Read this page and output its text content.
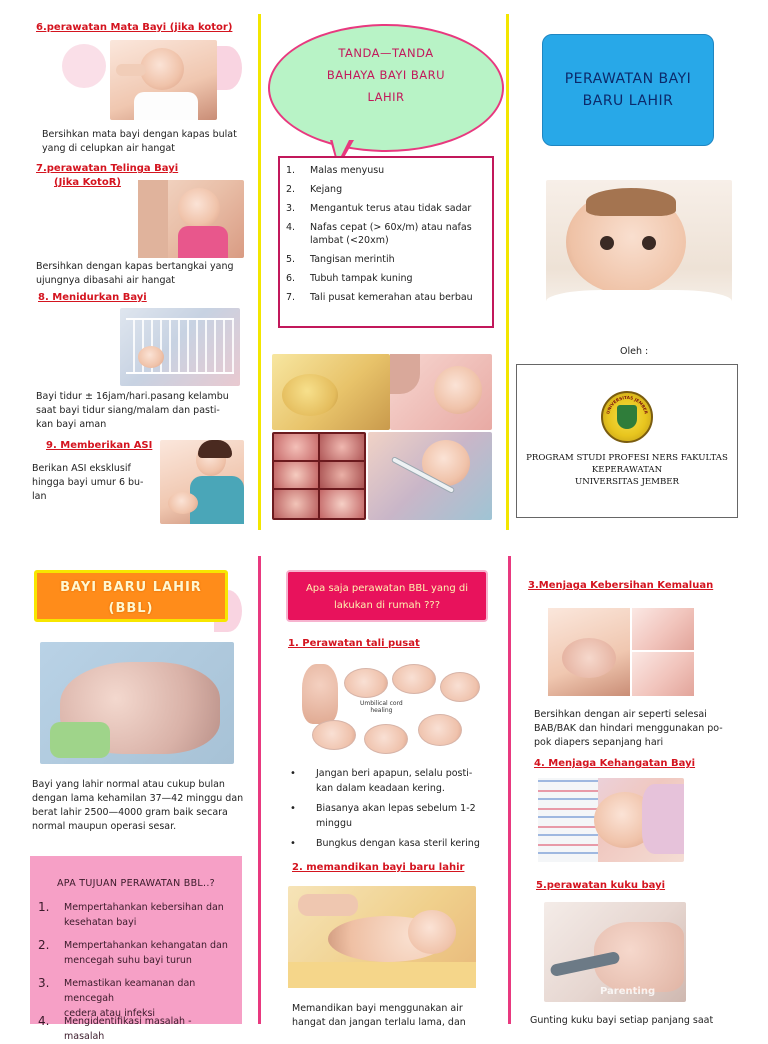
6.perawatan Mata Bayi (jika kotor)
Bersihkan mata bayi dengan kapas bulat
yang di celupkan air hangat
7.perawatan Telinga Bayi
(Jika KotoR)
Bersihkan dengan kapas bertangkai yang
ujungnya dibasahi air hangat
8. Menidurkan Bayi
Bayi tidur ± 16jam/hari.pasang kelambu
saat bayi tidur siang/malam dan pasti-
kan bayi aman
9. Memberikan ASI
Berikan ASI eksklusif
hingga bayi umur 6 bu-
lan
TANDA—TANDA
BAHAYA BAYI BARU
LAHIR
1.	Malas menyusu
2.	Kejang
3.	Mengantuk terus atau tidak sadar
4.	Nafas cepat (> 60x/m) atau nafas lambat (<20xm)
5.	Tangisan merintih
6.	Tubuh tampak kuning
7.	Tali pusat kemerahan atau berbau
PERAWATAN BAYI
BARU LAHIR
Oleh :
UNIVERSITAS JEMBER
PROGRAM STUDI PROFESI NERS FAKULTAS
KEPERAWATAN
UNIVERSITAS JEMBER
BAYI BARU LAHIR
(BBL)
Bayi yang lahir normal atau cukup bulan
dengan lama kehamilan 37—42 minggu dan
berat lahir 2500—4000 gram baik secara
normal maupun operasi sesar.
APA TUJUAN PERAWATAN BBL..?
1.	Mempertahankan kebersihan dan
kesehatan bayi
2.	Mempertahankan kehangatan dan
mencegah suhu bayi turun
3.	Memastikan keamanan dan mencegah
cedera atau infeksi
4.	Mengidentifikasi masalah - masalah
Apa saja perawatan BBL yang di
lakukan di rumah ???
1. Perawatan tali pusat
Umbilical cord
healing
• Jangan beri apapun, selalu posti-
kan dalam keadaan kering.
• Biasanya akan lepas sebelum 1-2
minggu
• Bungkus dengan kasa steril kering
2. memandikan bayi baru lahir
Memandikan bayi menggunakan air
hangat dan jangan terlalu lama, dan
3.Menjaga Kebersihan Kemaluan
Bersihkan dengan air seperti selesai
BAB/BAK dan hindari menggunakan po-
pok diapers sepanjang hari
4. Menjaga Kehangatan Bayi
5.perawatan kuku bayi
Parenting
Gunting kuku bayi setiap panjang saat
